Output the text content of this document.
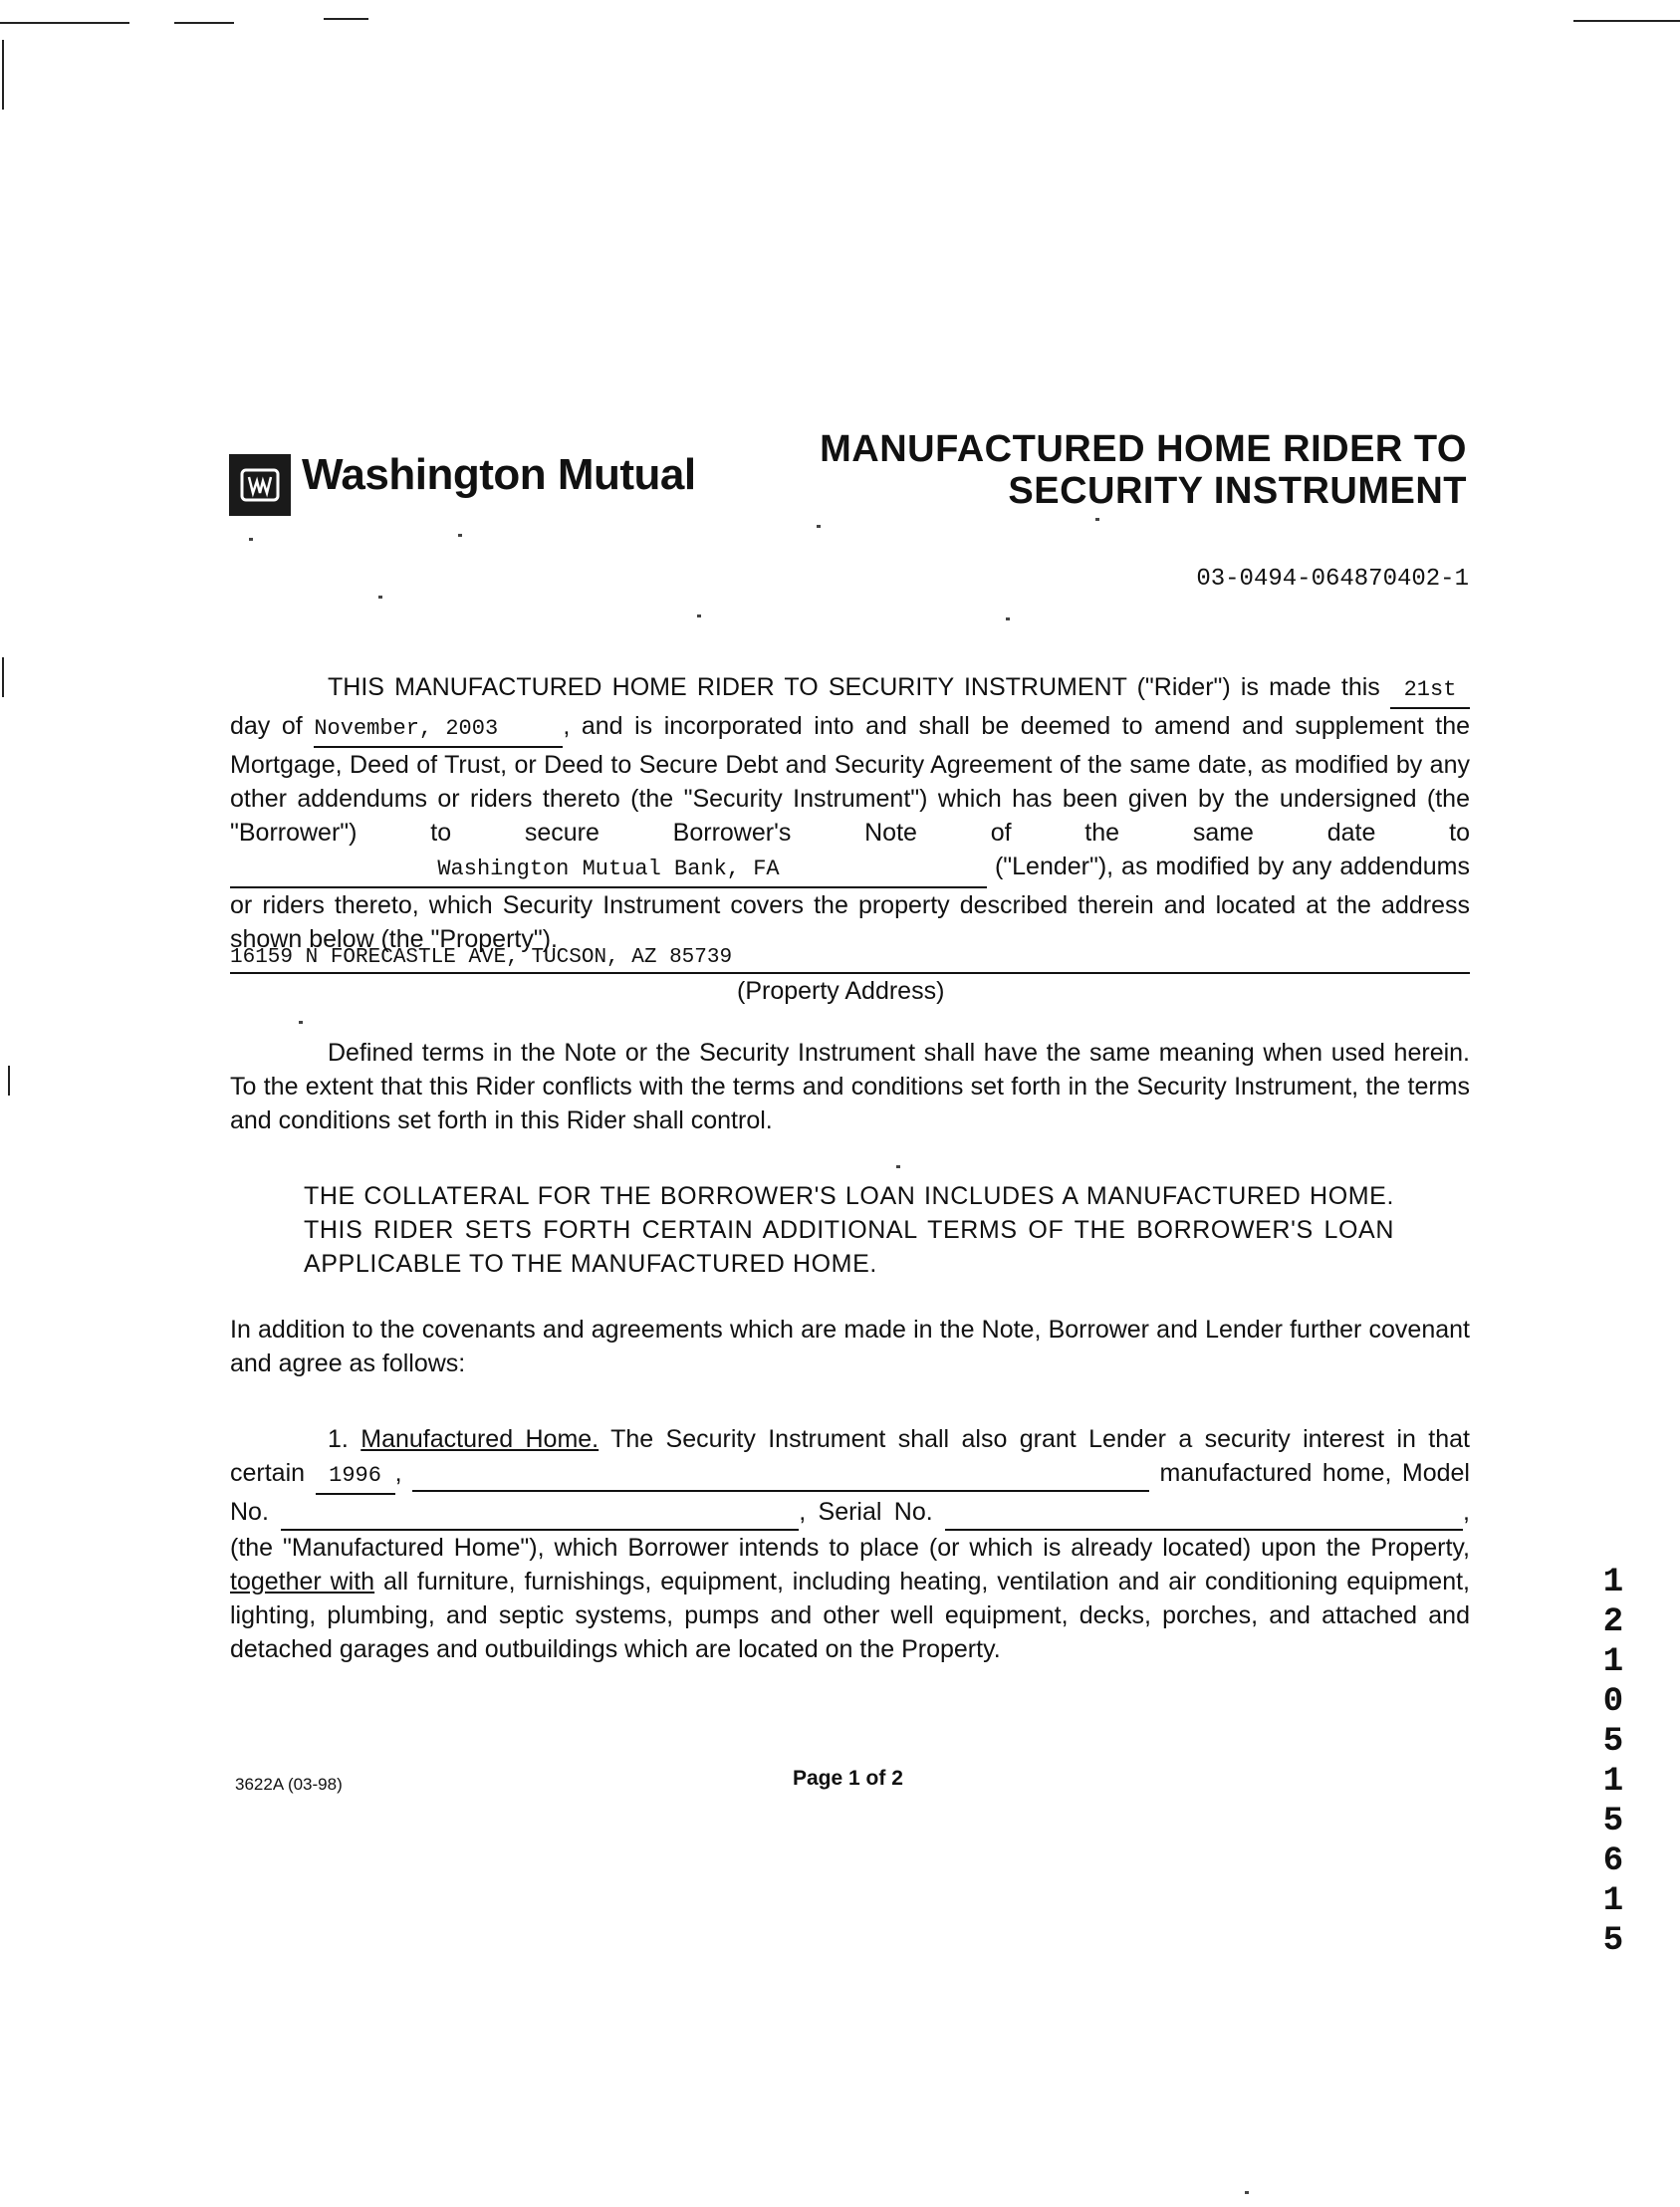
Washington Mutual
MANUFACTURED HOME RIDER TO
SECURITY INSTRUMENT
03-0494-064870402-1
THIS MANUFACTURED HOME RIDER TO SECURITY INSTRUMENT ("Rider") is made this 21st day of November, 2003	, and is incorporated into and shall be deemed to amend and supplement the Mortgage, Deed of Trust, or Deed to Secure Debt and Security Agreement of the same date, as modified by any other addendums or riders thereto (the "Security Instrument") which has been given by the undersigned (the "Borrower") to secure Borrower's Note of the same date to Washington Mutual Bank, FA	("Lender"), as modified by any addendums or riders thereto, which Security Instrument covers the property described therein and located at the address shown below (the "Property").
16159 N FORECASTLE AVE, TUCSON, AZ 85739
(Property Address)
Defined terms in the Note or the Security Instrument shall have the same meaning when used herein. To the extent that this Rider conflicts with the terms and conditions set forth in the Security Instrument, the terms and conditions set forth in this Rider shall control.
THE COLLATERAL FOR THE BORROWER'S LOAN INCLUDES A MANUFACTURED HOME. THIS RIDER SETS FORTH CERTAIN ADDITIONAL TERMS OF THE BORROWER'S LOAN APPLICABLE TO THE MANUFACTURED HOME.
In addition to the covenants and agreements which are made in the Note, Borrower and Lender further covenant and agree as follows:
1. Manufactured Home. The Security Instrument shall also grant Lender a security interest in that certain 1996 ,	manufactured home, Model No.	, Serial No.	, (the "Manufactured Home"), which Borrower intends to place (or which is already located) upon the Property, together with all furniture, furnishings, equipment, including heating, ventilation and air conditioning equipment, lighting, plumbing, and septic systems, pumps and other well equipment, decks, porches, and attached and detached garages and outbuildings which are located on the Property.
3622A (03-98)	Page 1 of 2	1210515615
